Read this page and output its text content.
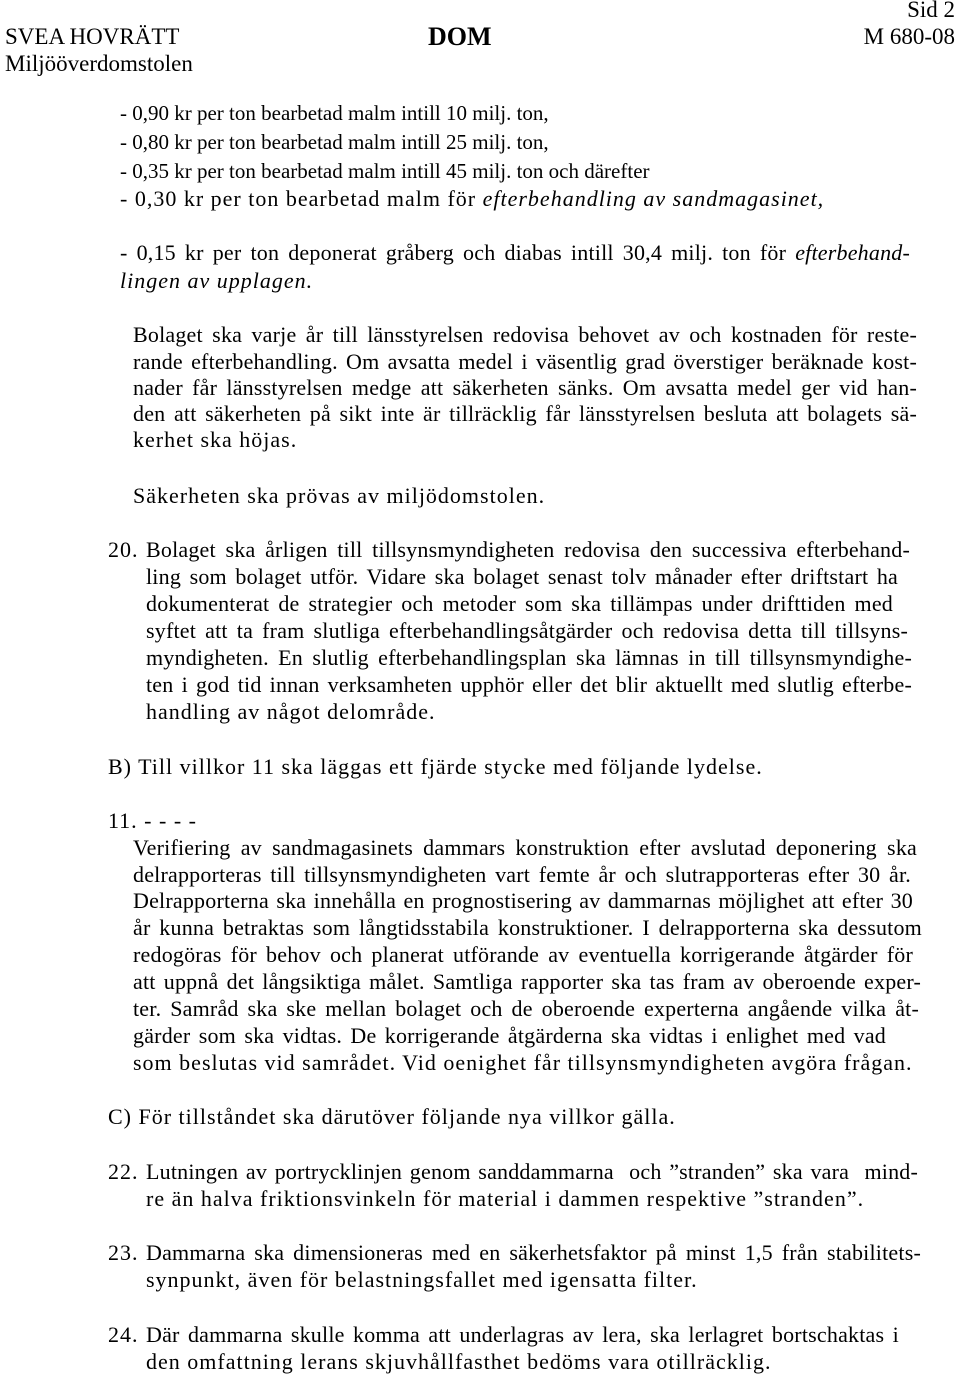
Sid 2
SVEA HOVRÄTT	DOM	M 680-08
Miljööverdomstolen
- 0,90 kr per ton bearbetad malm intill 10 milj. ton,
- 0,80 kr per ton bearbetad malm intill 25 milj. ton,
- 0,35 kr per ton bearbetad malm intill 45 milj. ton och därefter
- 0,30 kr per ton bearbetad malm för efterbehandling av sandmagasinet,
- 0,15 kr per ton deponerat gråberg och diabas intill 30,4 milj. ton för efterbehand-
lingen av upplagen.
Bolaget ska varje år till länsstyrelsen redovisa behovet av och kostnaden för reste-
rande efterbehandling. Om avsatta medel i väsentlig grad överstiger beräknade kost-
nader får länsstyrelsen medge att säkerheten sänks. Om avsatta medel ger vid han-
den att säkerheten på sikt inte är tillräcklig får länsstyrelsen besluta att bolagets sä-
kerhet ska höjas.
Säkerheten ska prövas av miljödomstolen.
20. Bolaget ska årligen till tillsynsmyndigheten redovisa den successiva efterbehand-
ling som bolaget utför. Vidare ska bolaget senast tolv månader efter driftstart ha
dokumenterat de strategier och metoder som ska tillämpas under drifttiden med
syftet att ta fram slutliga efterbehandlingsåtgärder och redovisa detta till tillsyns-
myndigheten. En slutlig efterbehandlingsplan ska lämnas in till tillsynsmyndighe-
ten i god tid innan verksamheten upphör eller det blir aktuellt med slutlig efterbe-
handling av något delområde.
B) Till villkor 11 ska läggas ett fjärde stycke med följande lydelse.
11. - - - -
Verifiering av sandmagasinets dammars konstruktion efter avslutad deponering ska
delrapporteras till tillsynsmyndigheten vart femte år och slutrapporteras efter 30 år.
Delrapporterna ska innehålla en prognostisering av dammarnas möjlighet att efter 30
år kunna betraktas som långtidsstabila konstruktioner. I delrapporterna ska dessutom
redogöras för behov och planerat utförande av eventuella korrigerande åtgärder för
att uppnå det långsiktiga målet. Samtliga rapporter ska tas fram av oberoende exper-
ter. Samråd ska ske mellan bolaget och de oberoende experterna angående vilka åt-
gärder som ska vidtas. De korrigerande åtgärderna ska vidtas i enlighet med vad
som beslutas vid samrådet. Vid oenighet får tillsynsmyndigheten avgöra frågan.
C) För tillståndet ska därutöver följande nya villkor gälla.
22. Lutningen av portrycklinjen genom sanddammarna  och ”stranden” ska vara  mind-
re än halva friktionsvinkeln för material i dammen respektive ”stranden”.
23. Dammarna ska dimensioneras med en säkerhetsfaktor på minst 1,5 från stabilitets-
synpunkt, även för belastningsfallet med igensatta filter.
24. Där dammarna skulle komma att underlagras av lera, ska lerlagret bortschaktas i
den omfattning lerans skjuvhållfasthet bedöms vara otillräcklig.
